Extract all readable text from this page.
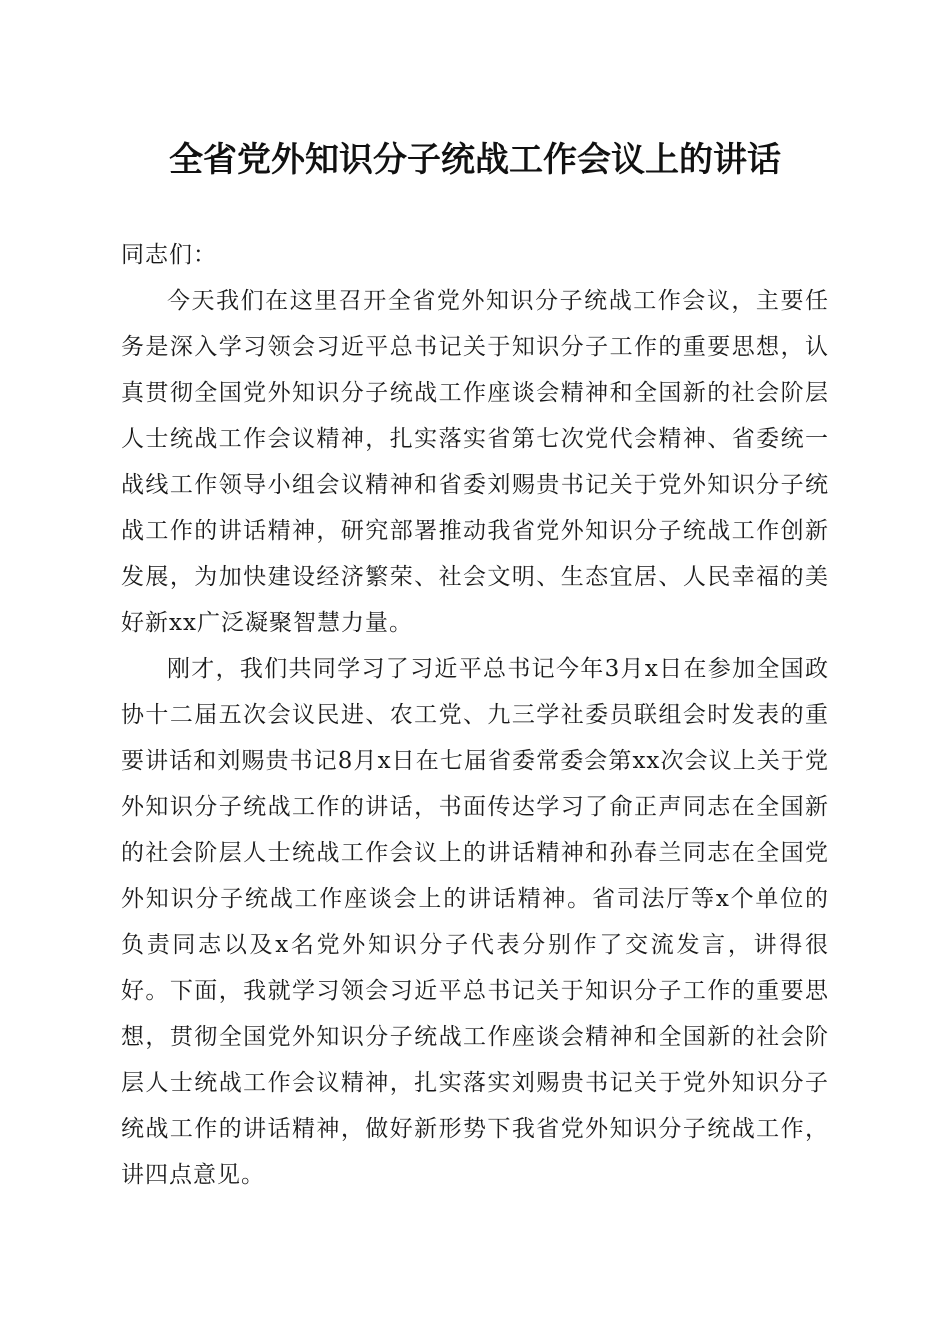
全省党外知识分子统战工作会议上的讲话

同志们：

今天我们在这里召开全省党外知识分子统战工作会议，主要任务是深入学习领会习近平总书记关于知识分子工作的重要思想，认真贯彻全国党外知识分子统战工作座谈会精神和全国新的社会阶层人士统战工作会议精神，扎实落实省第七次党代会精神、省委统一战线工作领导小组会议精神和省委刘赐贵书记关于党外知识分子统战工作的讲话精神，研究部署推动我省党外知识分子统战工作创新发展，为加快建设经济繁荣、社会文明、生态宜居、人民幸福的美好新xx广泛凝聚智慧力量。

刚才，我们共同学习了习近平总书记今年3月x日在参加全国政协十二届五次会议民进、农工党、九三学社委员联组会时发表的重要讲话和刘赐贵书记8月x日在七届省委常委会第xx次会议上关于党外知识分子统战工作的讲话，书面传达学习了俞正声同志在全国新的社会阶层人士统战工作会议上的讲话精神和孙春兰同志在全国党外知识分子统战工作座谈会上的讲话精神。省司法厅等x个单位的负责同志以及x名党外知识分子代表分别作了交流发言，讲得很好。下面，我就学习领会习近平总书记关于知识分子工作的重要思想，贯彻全国党外知识分子统战工作座谈会精神和全国新的社会阶层人士统战工作会议精神，扎实落实刘赐贵书记关于党外知识分子统战工作的讲话精神，做好新形势下我省党外知识分子统战工作，讲四点意见。
